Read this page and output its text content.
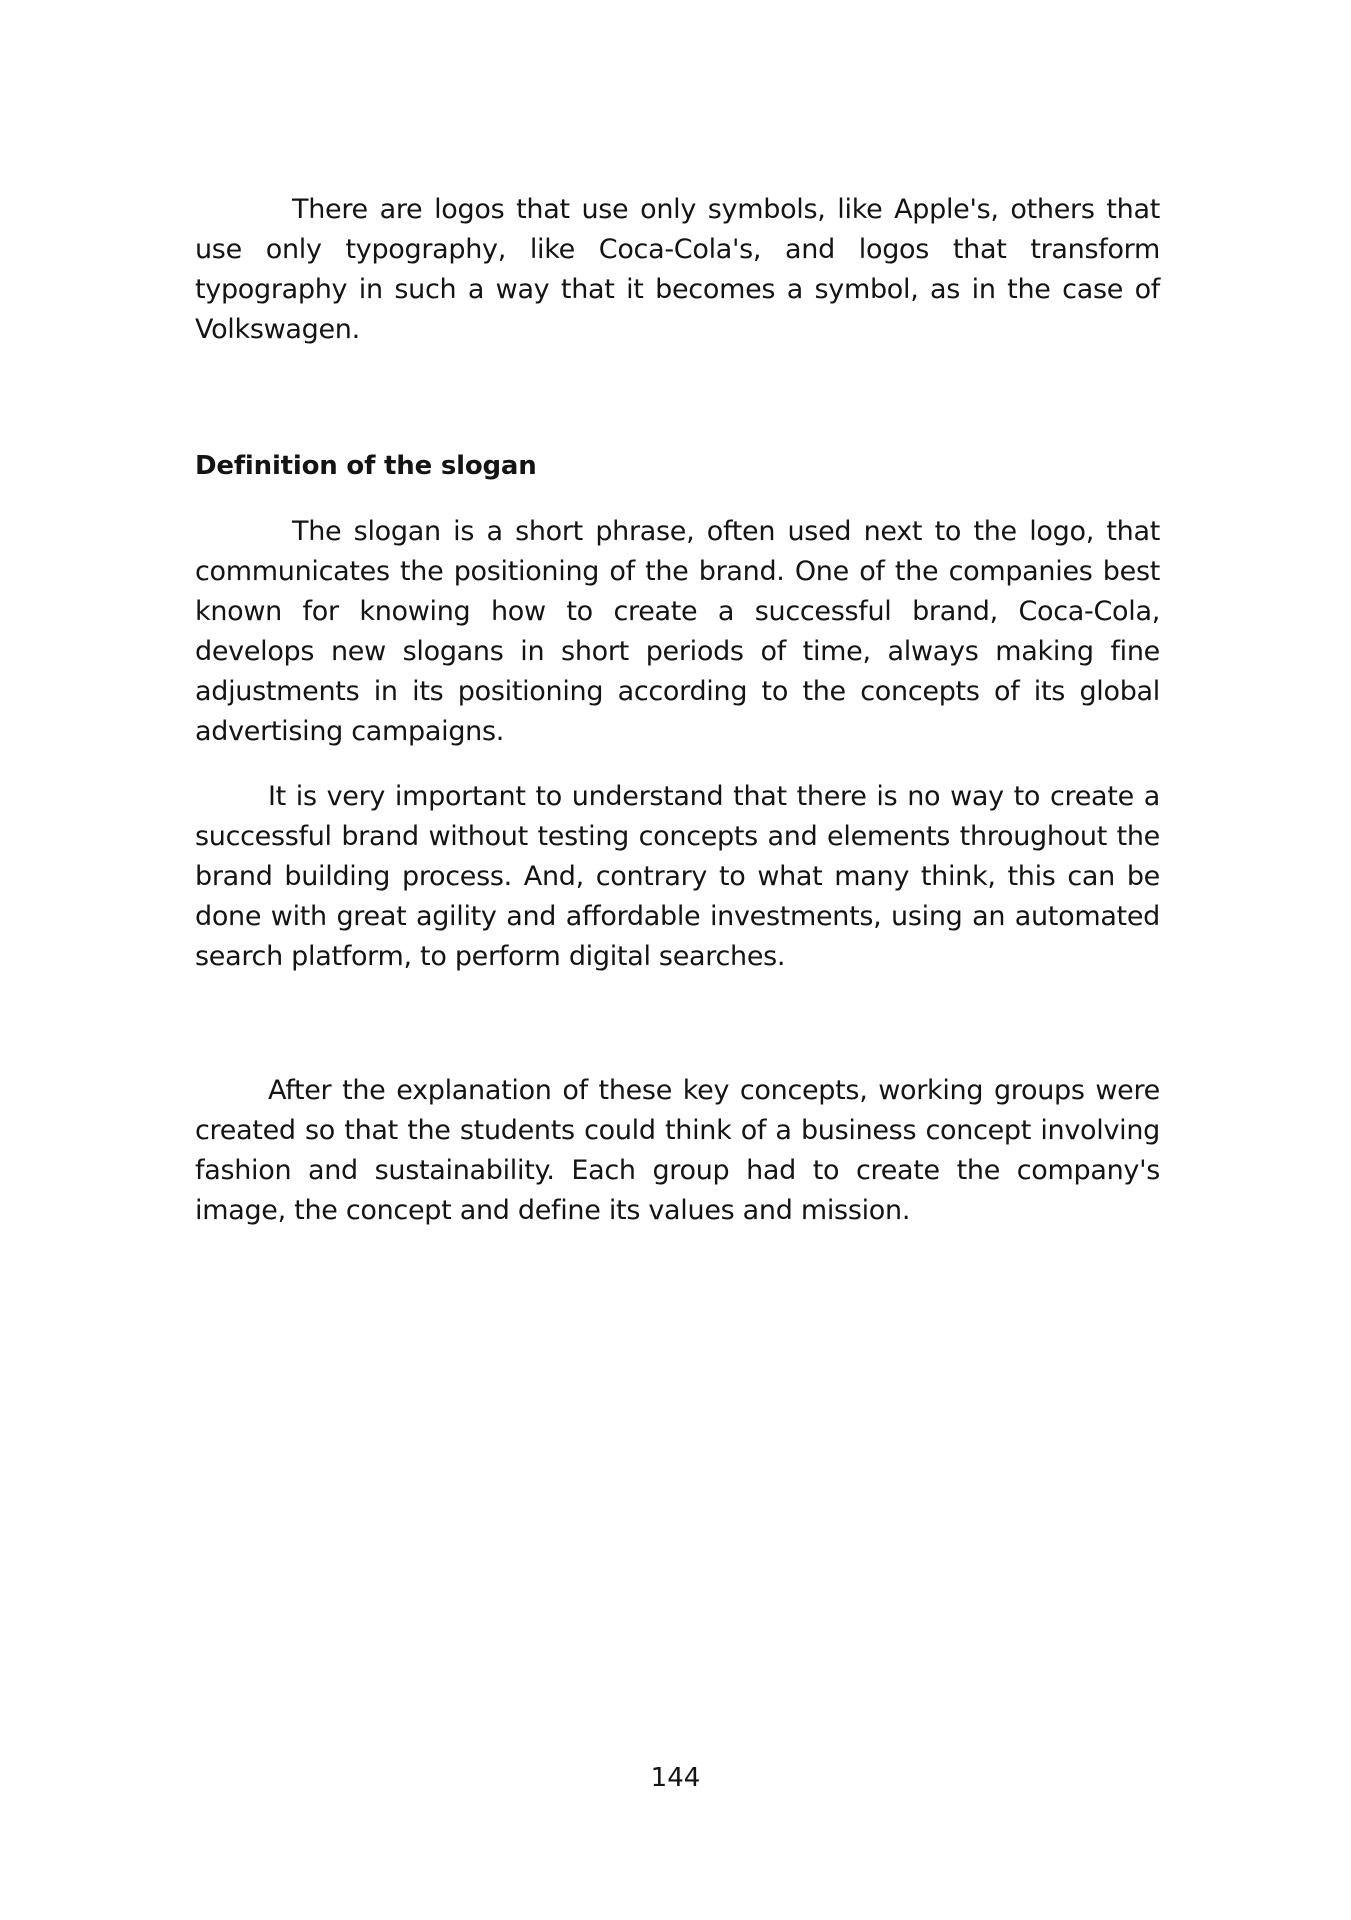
There are logos that use only symbols, like Apple's, others that use only typography, like Coca-Cola's, and logos that transform typography in such a way that it becomes a symbol, as in the case of Volkswagen.

Definition of the slogan

The slogan is a short phrase, often used next to the logo, that communicates the positioning of the brand. One of the companies best known for knowing how to create a successful brand, Coca-Cola, develops new slogans in short periods of time, always making fine adjustments in its positioning according to the concepts of its global advertising campaigns.

It is very important to understand that there is no way to create a successful brand without testing concepts and elements throughout the brand building process. And, contrary to what many think, this can be done with great agility and affordable investments, using an automated search platform, to perform digital searches.

After the explanation of these key concepts, working groups were created so that the students could think of a business concept involving fashion and sustainability. Each group had to create the company's image, the concept and define its values and mission.

144
